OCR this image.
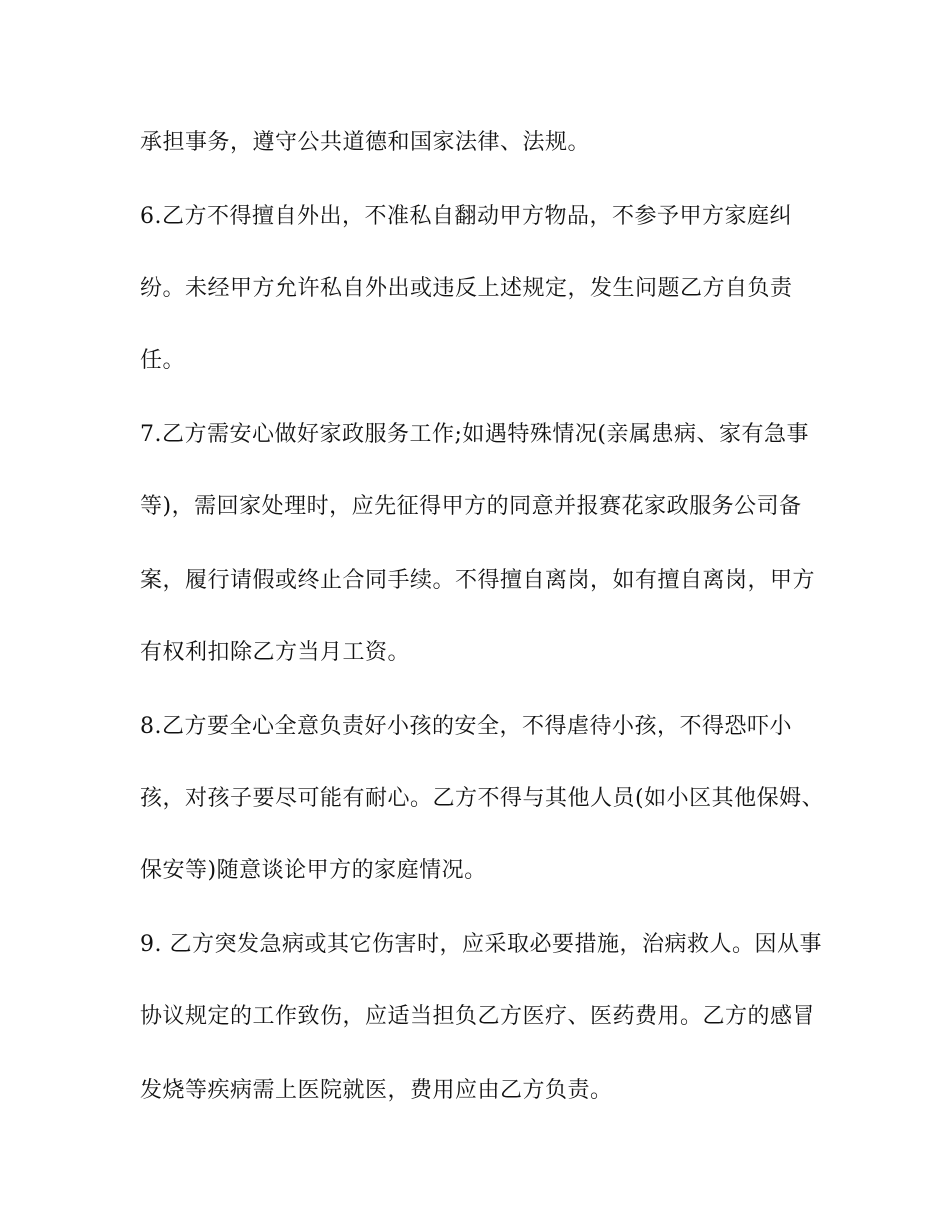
承担事务，遵守公共道德和国家法律、法规。
6.乙方不得擅自外出，不准私自翻动甲方物品，不参予甲方家庭纠
纷。未经甲方允许私自外出或违反上述规定，发生问题乙方自负责
任。
7.乙方需安心做好家政服务工作;如遇特殊情况(亲属患病、家有急事
等)，需回家处理时，应先征得甲方的同意并报赛花家政服务公司备
案，履行请假或终止合同手续。不得擅自离岗，如有擅自离岗，甲方
有权利扣除乙方当月工资。
8.乙方要全心全意负责好小孩的安全，不得虐待小孩，不得恐吓小
孩，对孩子要尽可能有耐心。乙方不得与其他人员(如小区其他保姆、
保安等)随意谈论甲方的家庭情况。
9. 乙方突发急病或其它伤害时，应采取必要措施，治病救人。因从事
协议规定的工作致伤，应适当担负乙方医疗、医药费用。乙方的感冒
发烧等疾病需上医院就医，费用应由乙方负责。
